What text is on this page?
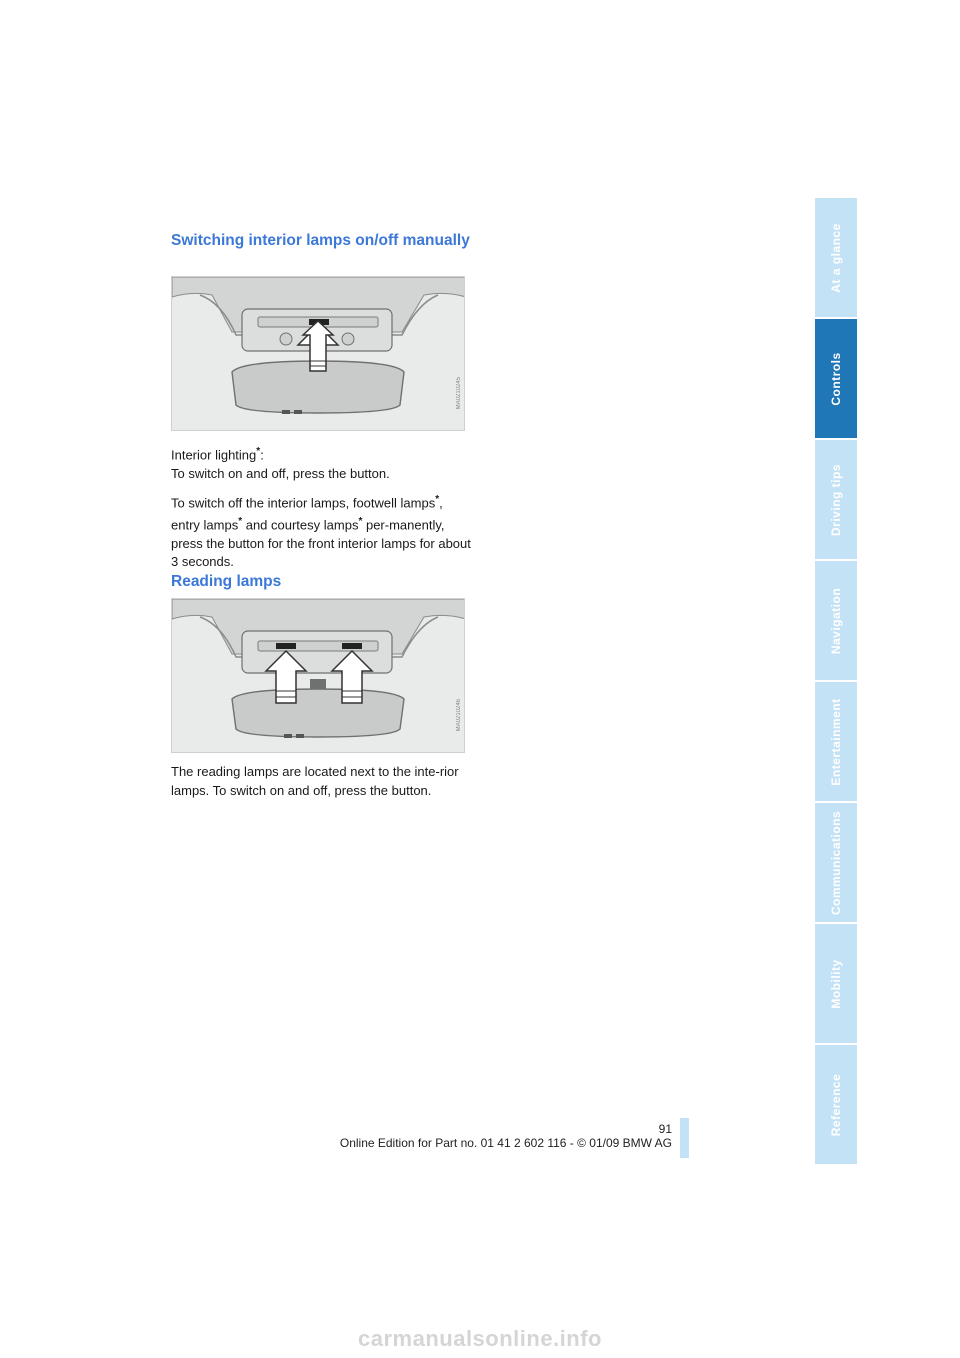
Switching interior lamps on/off manually
MA0210245

Interior lighting*:

To switch on and off, press the button.

To switch off the interior lamps, footwell lamps*, entry lamps* and courtesy lamps* per-manently, press the button for the front interior lamps for about 3 seconds.

Reading lamps
MA0210246

The reading lamps are located next to the inte-rior lamps. To switch on and off, press the button.

At a glance
Controls
Driving tips
Navigation
Entertainment
Communications
Mobility
Reference
91
Online Edition for Part no. 01 41 2 602 116 - © 01/09 BMW AG
carmanualsonline.info
